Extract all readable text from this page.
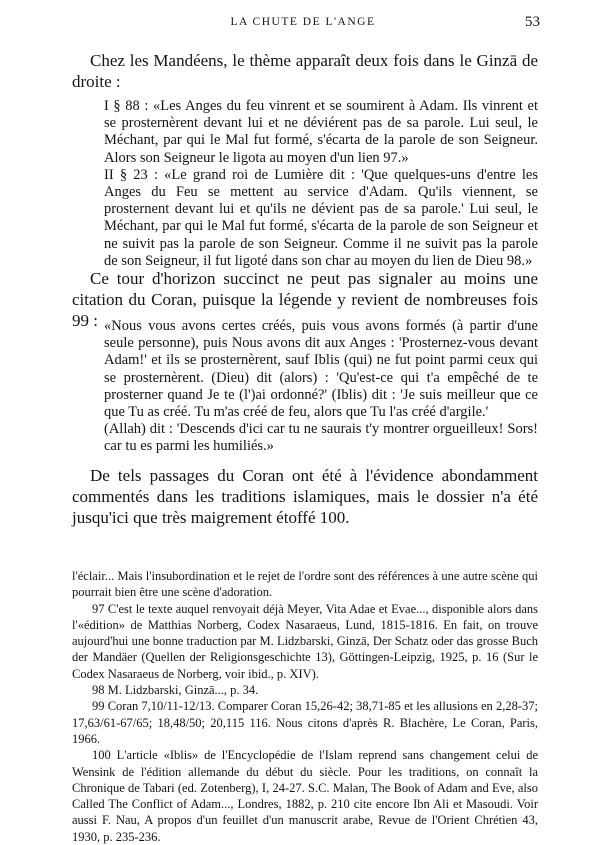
LA CHUTE DE L'ANGE	53

Chez les Mandéens, le thème apparaît deux fois dans le Ginzā de droite :

I § 88 : «Les Anges du feu vinrent et se soumirent à Adam. Ils vinrent et se prosternèrent devant lui et ne déviérent pas de sa parole. Lui seul, le Méchant, par qui le Mal fut formé, s'écarta de la parole de son Seigneur. Alors son Seigneur le ligota au moyen d'un lien 97.»

II § 23 : «Le grand roi de Lumière dit : 'Que quelques-uns d'entre les Anges du Feu se mettent au service d'Adam. Qu'ils viennent, se prosternent devant lui et qu'ils ne dévient pas de sa parole.' Lui seul, le Méchant, par qui le Mal fut formé, s'écarta de la parole de son Seigneur et ne suivit pas la parole de son Seigneur. Comme il ne suivit pas la parole de son Seigneur, il fut ligoté dans son char au moyen du lien de Dieu 98.»

Ce tour d'horizon succinct ne peut pas signaler au moins une citation du Coran, puisque la légende y revient de nombreuses fois 99 : «Nous vous avons certes créés, puis vous avons formés (à partir d'une seule personne), puis Nous avons dit aux Anges : 'Prosternez-vous devant Adam!' et ils se prosternèrent, sauf Iblis (qui) ne fut point parmi ceux qui se prosternèrent. (Dieu) dit (alors) : 'Qu'est-ce qui t'a empêché de te prosterner quand Je te (l')ai ordonné?' (Iblis) dit : 'Je suis meilleur que ce que Tu as créé. Tu m'as créé de feu, alors que Tu l'as créé d'argile.'

(Allah) dit : 'Descends d'ici car tu ne saurais t'y montrer orgueilleux! Sors! car tu es parmi les humiliés.»

De tels passages du Coran ont été à l'évidence abondamment commentés dans les traditions islamiques, mais le dossier n'a été jusqu'ici que très maigrement étoffé 100.

l'éclair... Mais l'insubordination et le rejet de l'ordre sont des références à une autre scène qui pourrait bien être une scène d'adoration.

97 C'est le texte auquel renvoyait déjà Meyer, Vita Adae et Evae..., disponible alors dans l'«édition» de Matthias Norberg, Codex Nasaraeus, Lund, 1815-1816. En fait, on trouve aujourd'hui une bonne traduction par M. Lidzbarski, Ginzā, Der Schatz oder das grosse Buch der Mandäer (Quellen der Religionsgeschichte 13), Göttingen-Leipzig, 1925, p. 16 (Sur le Codex Nasaraeus de Norberg, voir ibid., p. XIV).

98 M. Lidzbarski, Ginzā..., p. 34.

99 Coran 7,10/11-12/13. Comparer Coran 15,26-42; 38,71-85 et les allusions en 2,28-37; 17,63/61-67/65; 18,48/50; 20,115 116. Nous citons d'après R. Blachère, Le Coran, Paris, 1966.

100 L'article «Iblis» de l'Encyclopédie de l'Islam reprend sans changement celui de Wensink de l'édition allemande du début du siècle. Pour les traditions, on connaît la Chronique de Tabari (ed. Zotenberg), I, 24-27. S.C. Malan, The Book of Adam and Eve, also Called The Conflict of Adam..., Londres, 1882, p. 210 cite encore Ibn Ali et Masoudi. Voir aussi F. Nau, A propos d'un feuillet d'un manuscrit arabe, Revue de l'Orient Chrétien 43, 1930, p. 235-236.
